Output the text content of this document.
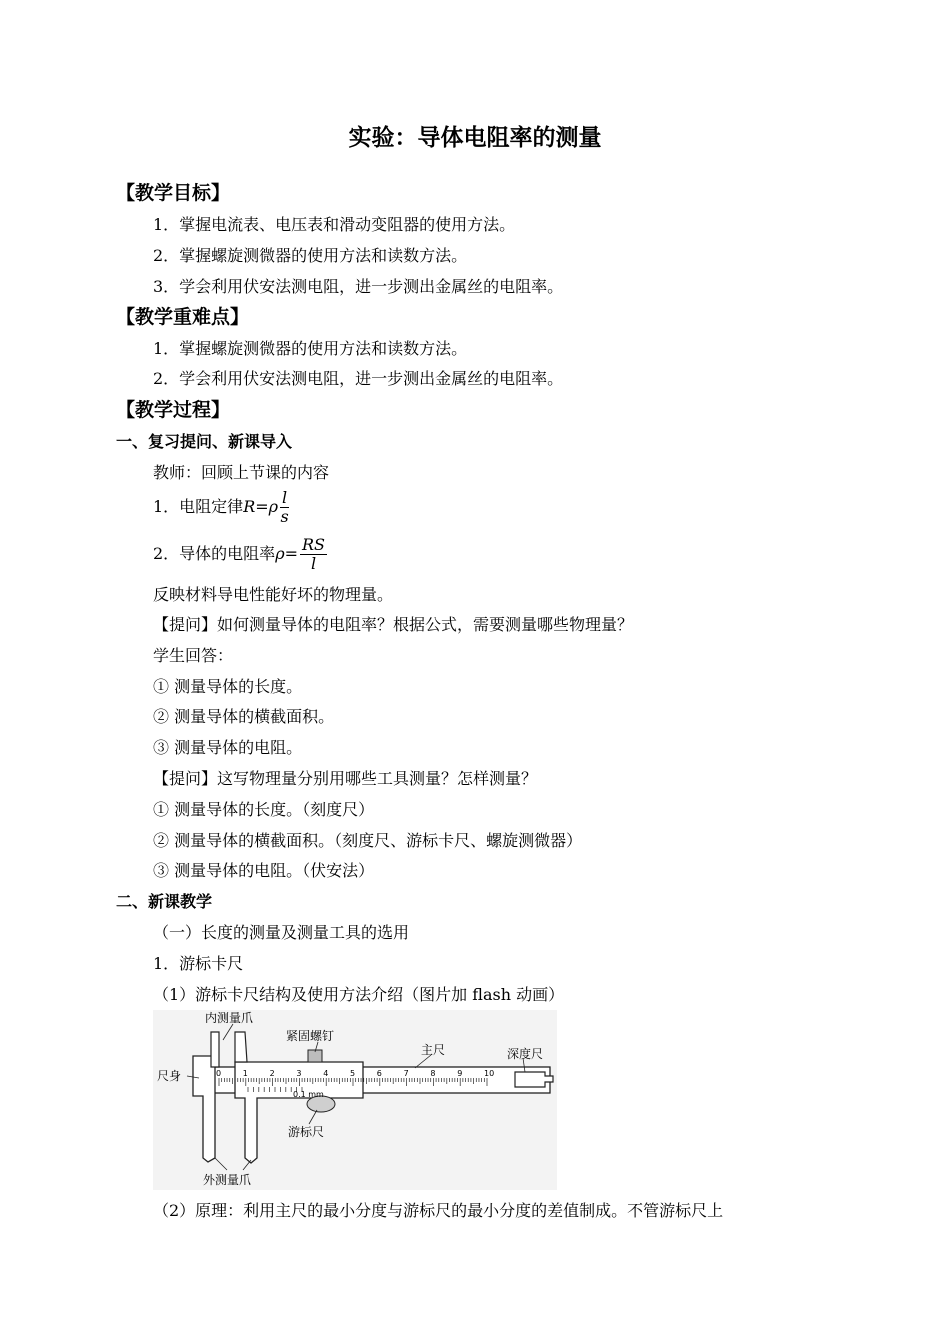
实验：导体电阻率的测量
【教学目标】
1．掌握电流表、电压表和滑动变阻器的使用方法。
2．掌握螺旋测微器的使用方法和读数方法。
3．学会利用伏安法测电阻，进一步测出金属丝的电阻率。
【教学重难点】
1．掌握螺旋测微器的使用方法和读数方法。
2．学会利用伏安法测电阻，进一步测出金属丝的电阻率。
【教学过程】
一、复习提问、新课导入
教师：回顾上节课的内容
1．电阻定律$R=\rho \frac{l}{s}$
2．导体的电阻率$\rho= \frac{RS}{l}$
反映材料导电性能好坏的物理量。
【提问】如何测量导体的电阻率？根据公式，需要测量哪些物理量？
学生回答：
① 测量导体的长度。
② 测量导体的横截面积。
③ 测量导体的电阻。
【提问】这写物理量分别用哪些工具测量？怎样测量？
① 测量导体的长度。（刻度尺）
② 测量导体的横截面积。（刻度尺、游标卡尺、螺旋测微器）
③ 测量导体的电阻。（伏安法）
二、新课教学
（一）长度的测量及测量工具的选用
1．游标卡尺
（1）游标卡尺结构及使用方法介绍（图片加 flash 动画）
0	1	2	3	4	5	6	7	8	9	10
内测量爪
紧固螺钉
主尺	深度尺
尺身
游标尺
外测量爪
0.1 mm
（2）原理：利用主尺的最小分度与游标尺的最小分度的差值制成。不管游标尺上
